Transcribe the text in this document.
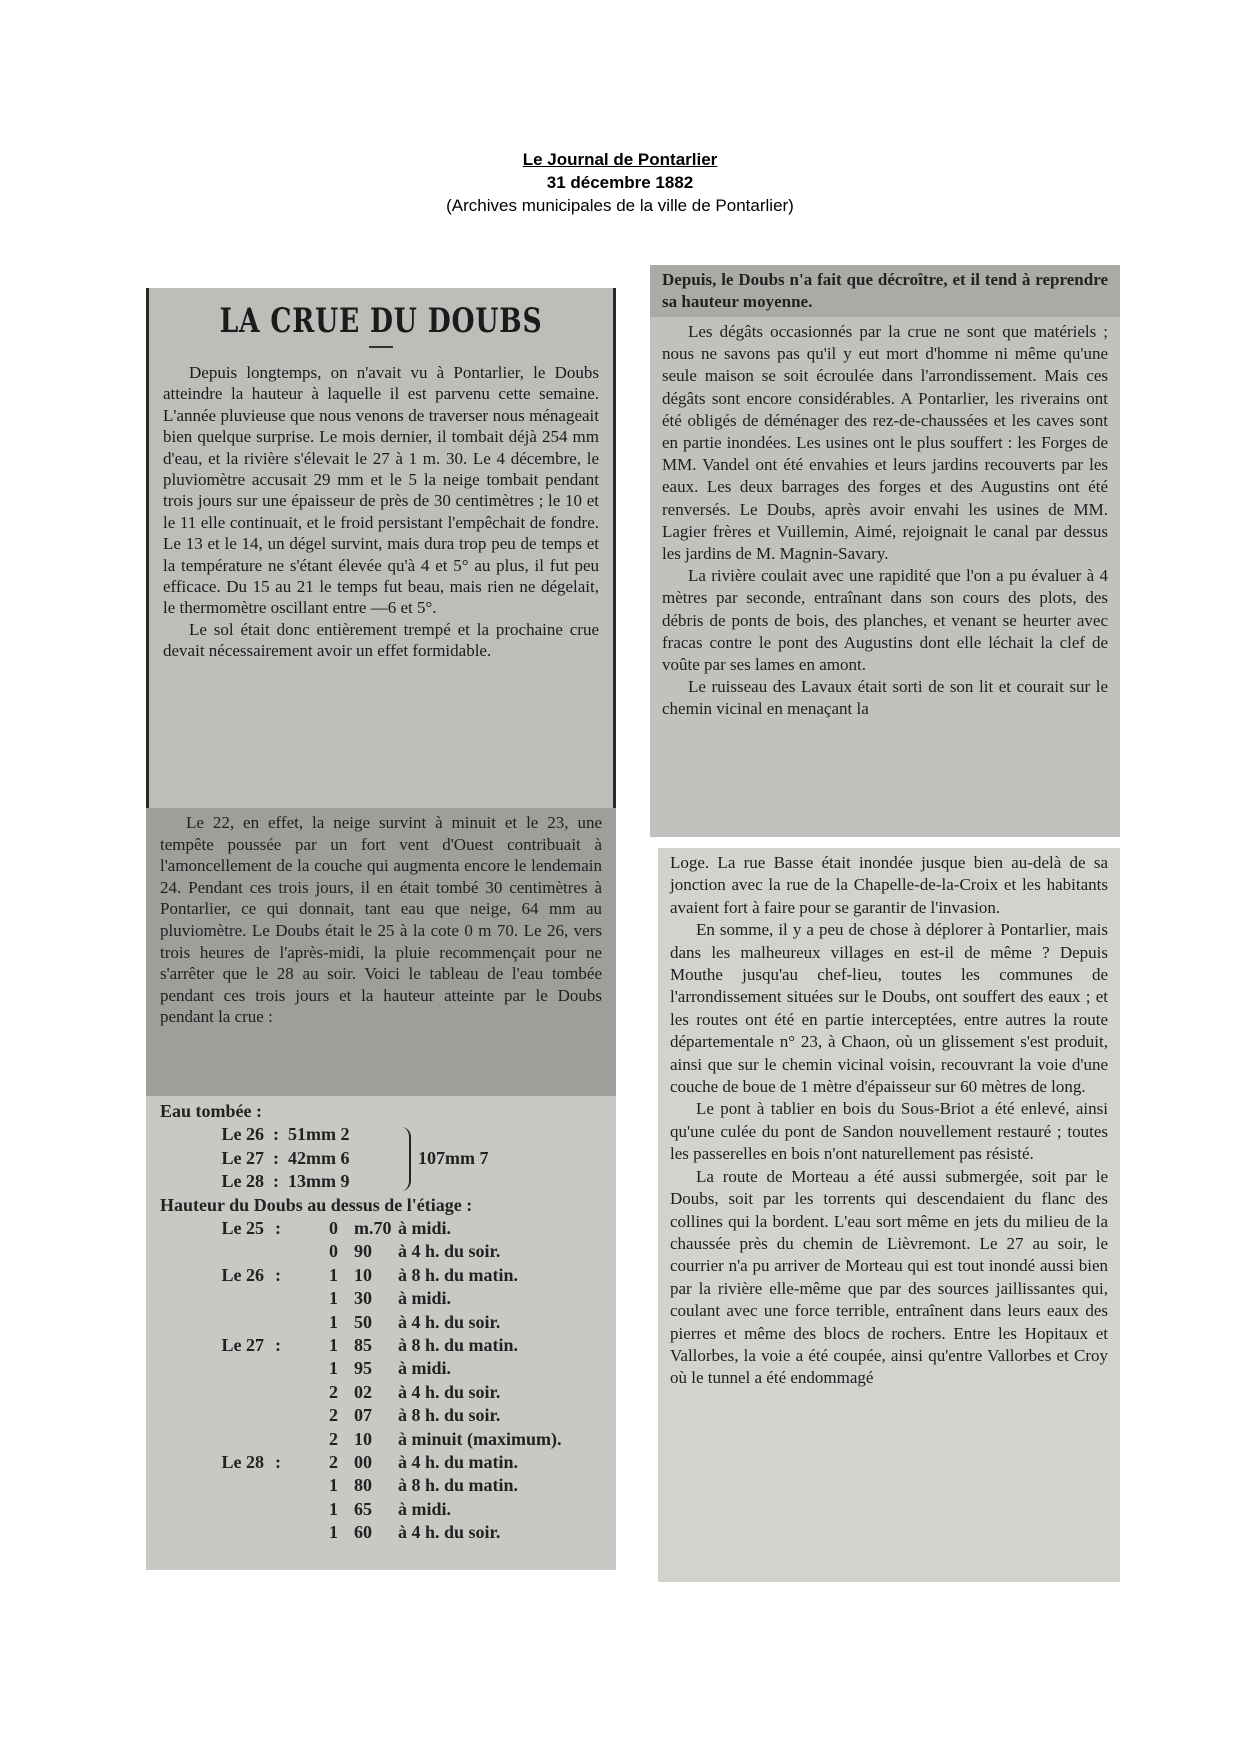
Le Journal de Pontarlier
31 décembre 1882
(Archives municipales de la ville de Pontarlier)
LA CRUE DU DOUBS

Depuis longtemps, on n'avait vu à Pontarlier, le Doubs atteindre la hauteur à laquelle il est parvenu cette semaine. L'année pluvieuse que nous venons de traverser nous ménageait bien quelque surprise. Le mois dernier, il tombait déjà 254 mm d'eau, et la rivière s'élevait le 27 à 1 m. 30. Le 4 décembre, le pluviomètre accusait 29 mm et le 5 la neige tombait pendant trois jours sur une épaisseur de près de 30 centimètres ; le 10 et le 11 elle continuait, et le froid persistant l'empêchait de fondre. Le 13 et le 14, un dégel survint, mais dura trop peu de temps et la température ne s'étant élevée qu'à 4 et 5° au plus, il fut peu efficace. Du 15 au 21 le temps fut beau, mais rien ne dégelait, le thermomètre oscillant entre —6 et 5°.

Le sol était donc entièrement trempé et la prochaine crue devait nécessairement avoir un effet formidable.

Le 22, en effet, la neige survint à minuit et le 23, une tempête poussée par un fort vent d'Ouest contribuait à l'amoncellement de la couche qui augmenta encore le lendemain 24. Pendant ces trois jours, il en était tombé 30 centimètres à Pontarlier, ce qui donnait, tant eau que neige, 64 mm au pluviomètre. Le Doubs était le 25 à la cote 0 m 70. Le 26, vers trois heures de l'après-midi, la pluie recommençait pour ne s'arrêter que le 28 au soir. Voici le tableau de l'eau tombée pendant ces trois jours et la hauteur atteinte par le Doubs pendant la crue :

Eau tombée :
Le 26 : 51mm 2
Le 27 : 42mm 6
Le 28 : 13mm 9
107mm 7
Hauteur du Doubs au dessus de l'étiage :
Le 25 :	0 m.70 à midi.
0 90	à 4 h. du soir.
Le 26 :	1 10	à 8 h. du matin.
1 30	à midi.
1 50	à 4 h. du soir.
Le 27 :	1 85	à 8 h. du matin.
1 95	à midi.
2 02	à 4 h. du soir.
2 07	à 8 h. du soir.
2 10	à minuit (maximum).
Le 28 :	2 00	à 4 h. du matin.
1 80	à 8 h. du matin.
1 65	à midi.
1 60	à 4 h. du soir.

Depuis, le Doubs n'a fait que décroître, et il tend à reprendre sa hauteur moyenne.

Les dégâts occasionnés par la crue ne sont que matériels ; nous ne savons pas qu'il y eut mort d'homme ni même qu'une seule maison se soit écroulée dans l'arrondissement. Mais ces dégâts sont encore considérables. A Pontarlier, les riverains ont été obligés de déménager des rez-de-chaussées et les caves sont en partie inondées. Les usines ont le plus souffert : les Forges de MM. Vandel ont été envahies et leurs jardins recouverts par les eaux. Les deux barrages des forges et des Augustins ont été renversés. Le Doubs, après avoir envahi les usines de MM. Lagier frères et Vuillemin, Aimé, rejoignait le canal par dessus les jardins de M. Magnin-Savary.

La rivière coulait avec une rapidité que l'on a pu évaluer à 4 mètres par seconde, entraînant dans son cours des plots, des débris de ponts de bois, des planches, et venant se heurter avec fracas contre le pont des Augustins dont elle léchait la clef de voûte par ses lames en amont.

Le ruisseau des Lavaux était sorti de son lit et courait sur le chemin vicinal en menaçant la

Loge. La rue Basse était inondée jusque bien au-delà de sa jonction avec la rue de la Chapelle-de-la-Croix et les habitants avaient fort à faire pour se garantir de l'invasion.

En somme, il y a peu de chose à déplorer à Pontarlier, mais dans les malheureux villages en est-il de même ? Depuis Mouthe jusqu'au chef-lieu, toutes les communes de l'arrondissement situées sur le Doubs, ont souffert des eaux ; et les routes ont été en partie interceptées, entre autres la route départementale n° 23, à Chaon, où un glissement s'est produit, ainsi que sur le chemin vicinal voisin, recouvrant la voie d'une couche de boue de 1 mètre d'épaisseur sur 60 mètres de long.

Le pont à tablier en bois du Sous-Briot a été enlevé, ainsi qu'une culée du pont de Sandon nouvellement restauré ; toutes les passerelles en bois n'ont naturellement pas résisté.

La route de Morteau a été aussi submergée, soit par le Doubs, soit par les torrents qui descendaient du flanc des collines qui la bordent. L'eau sort même en jets du milieu de la chaussée près du chemin de Lièvremont. Le 27 au soir, le courrier n'a pu arriver de Morteau qui est tout inondé aussi bien par la rivière elle-même que par des sources jaillissantes qui, coulant avec une force terrible, entraînent dans leurs eaux des pierres et même des blocs de rochers. Entre les Hopitaux et Vallorbes, la voie a été coupée, ainsi qu'entre Vallorbes et Croy où le tunnel a été endommagé
